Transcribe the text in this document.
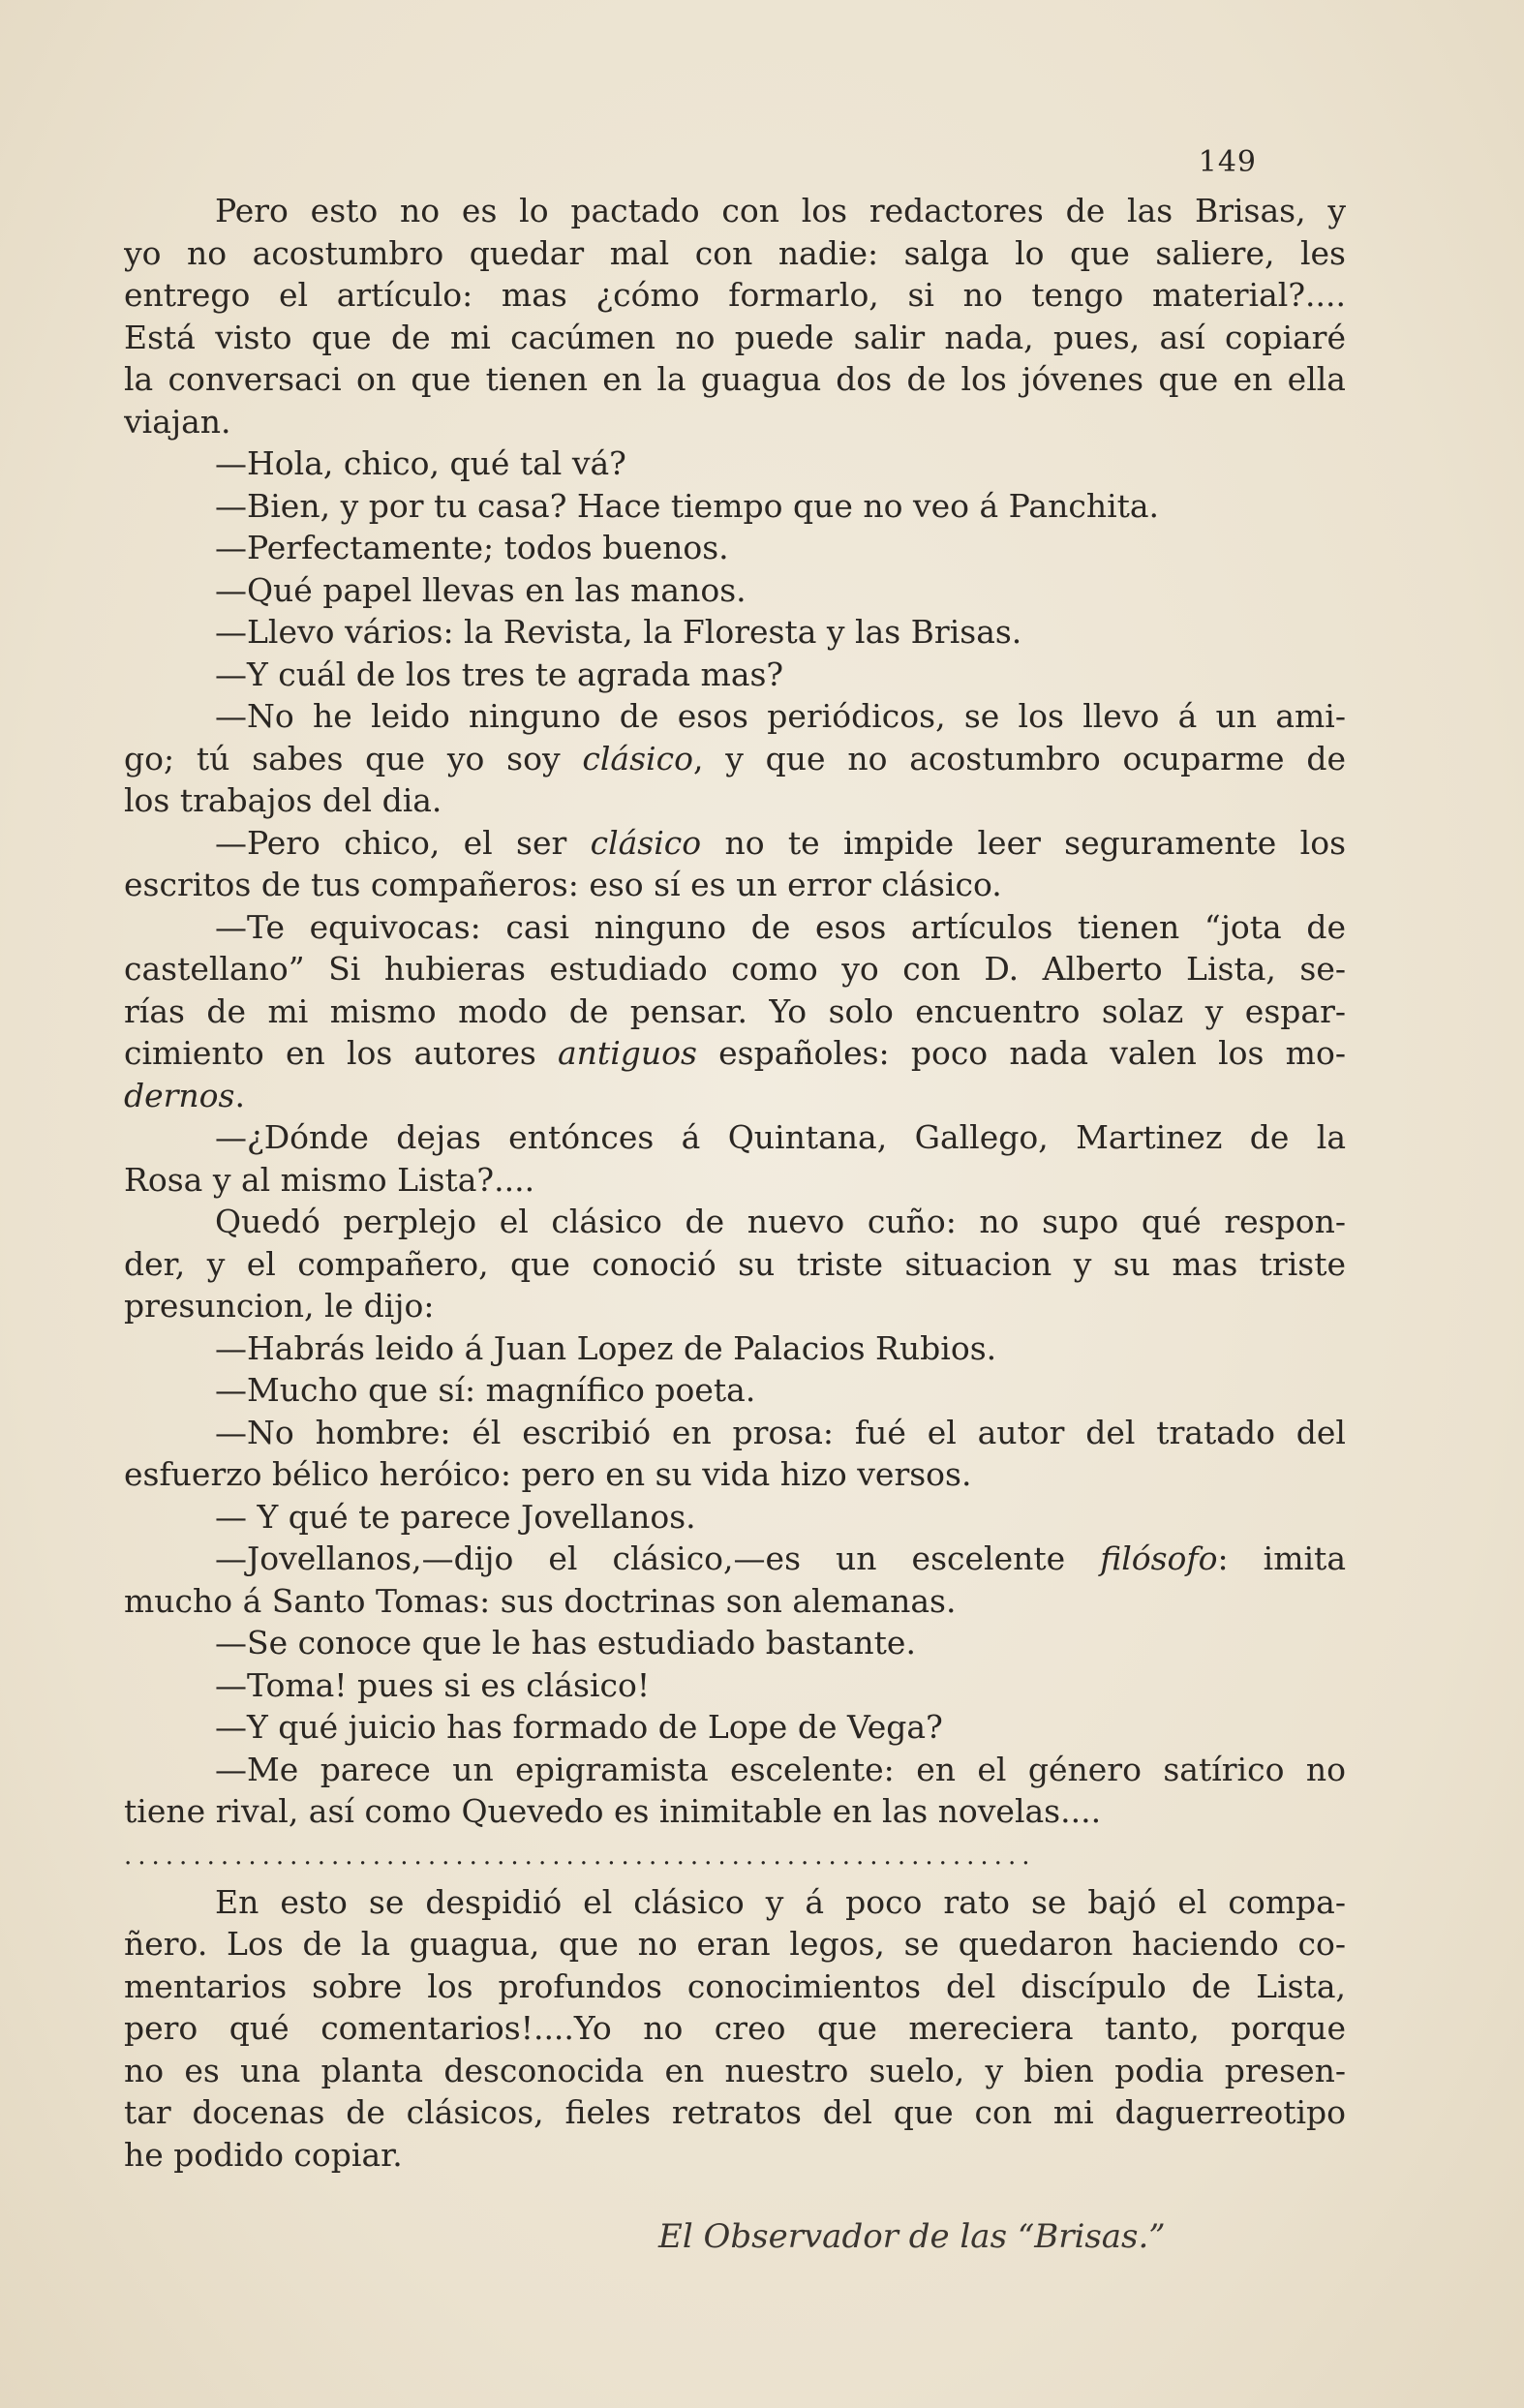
149
Pero esto no es lo pactado con los redactores de las Brisas, y
yo no acostumbro quedar mal con nadie: salga lo que saliere, les
entrego el artículo: mas ¿cómo formarlo, si no tengo material?....
Está visto que de mi cacúmen no puede salir nada, pues, así copiaré
la conversaci on que tienen en la guagua dos de los jóvenes que en ella
viajan.
—Hola, chico, qué tal vá?
—Bien, y por tu casa? Hace tiempo que no veo á Panchita.
—Perfectamente; todos buenos.
—Qué papel llevas en las manos.
—Llevo vários: la Revista, la Floresta y las Brisas.
—Y cuál de los tres te agrada mas?
—No he leido ninguno de esos periódicos, se los llevo á un ami-
go; tú sabes que yo soy clásico, y que no acostumbro ocuparme de
los trabajos del dia.
—Pero chico, el ser clásico no te impide leer seguramente los
escritos de tus compañeros: eso sí es un error clásico.
—Te equivocas: casi ninguno de esos artículos tienen “jota de
castellano” Si hubieras estudiado como yo con D. Alberto Lista, se-
rías de mi mismo modo de pensar. Yo solo encuentro solaz y espar-
cimiento en los autores antiguos españoles: poco nada valen los mo-
dernos.
—¿Dónde dejas entónces á Quintana, Gallego, Martinez de la
Rosa y al mismo Lista?....
Quedó perplejo el clásico de nuevo cuño: no supo qué respon-
der, y el compañero, que conoció su triste situacion y su mas triste
presuncion, le dijo:
—Habrás leido á Juan Lopez de Palacios Rubios.
—Mucho que sí: magnífico poeta.
—No hombre: él escribió en prosa: fué el autor del tratado del
esfuerzo bélico heróico: pero en su vida hizo versos.
— Y qué te parece Jovellanos.
—Jovellanos,—dijo el clásico,—es un escelente filósofo: imita
mucho á Santo Tomas: sus doctrinas son alemanas.
—Se conoce que le has estudiado bastante.
—Toma! pues si es clásico!
—Y qué juicio has formado de Lope de Vega?
—Me parece un epigramista escelente: en el género satírico no
tiene rival, así como Quevedo es inimitable en las novelas....
..................................................................
En esto se despidió el clásico y á poco rato se bajó el compa-
ñero. Los de la guagua, que no eran legos, se quedaron haciendo co-
mentarios sobre los profundos conocimientos del discípulo de Lista,
pero qué comentarios!....Yo no creo que mereciera tanto, porque
no es una planta desconocida en nuestro suelo, y bien podia presen-
tar docenas de clásicos, fieles retratos del que con mi daguerreotipo
he podido copiar.
El Observador de las “Brisas.”
